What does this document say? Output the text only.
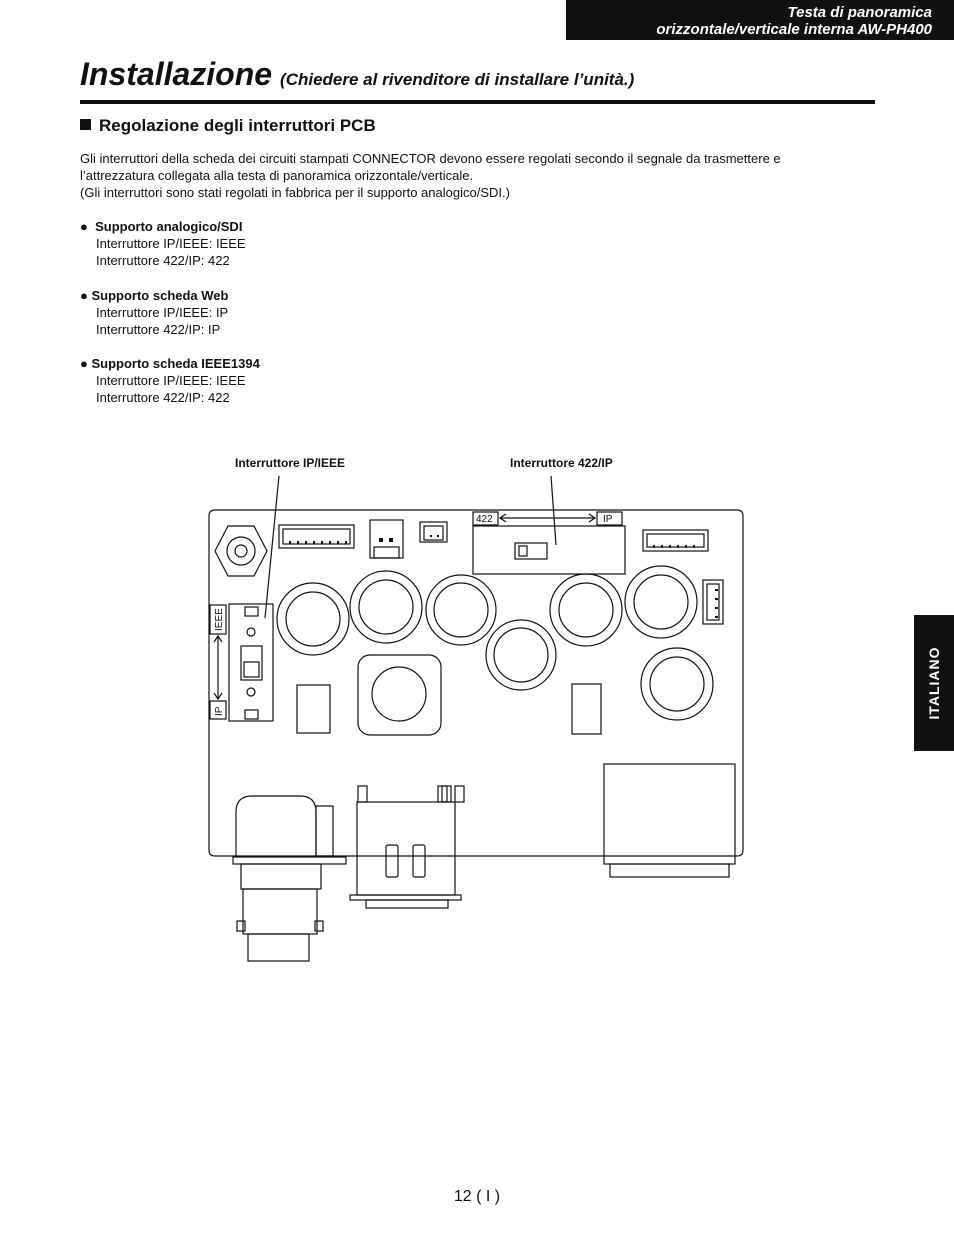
Testa di panoramica
orizzontale/verticale interna AW-PH400
Installazione (Chiedere al rivenditore di installare l’unità.)
Regolazione degli interruttori PCB
Gli interruttori della scheda dei circuiti stampati CONNECTOR devono essere regolati secondo il segnale da trasmettere e
l’attrezzatura collegata alla testa di panoramica orizzontale/verticale.
(Gli interruttori sono stati regolati in fabbrica per il supporto analogico/SDI.)
● Supporto analogico/SDI
Interruttore IP/IEEE: IEEE
Interruttore 422/IP: 422
● Supporto scheda Web
Interruttore IP/IEEE: IP
Interruttore 422/IP: IP
● Supporto scheda IEEE1394
Interruttore IP/IEEE: IEEE
Interruttore 422/IP: 422
Interruttore IP/IEEE	Interruttore 422/IP
422	IP
IEEE
IP	ITALIANO
12 ( I )
